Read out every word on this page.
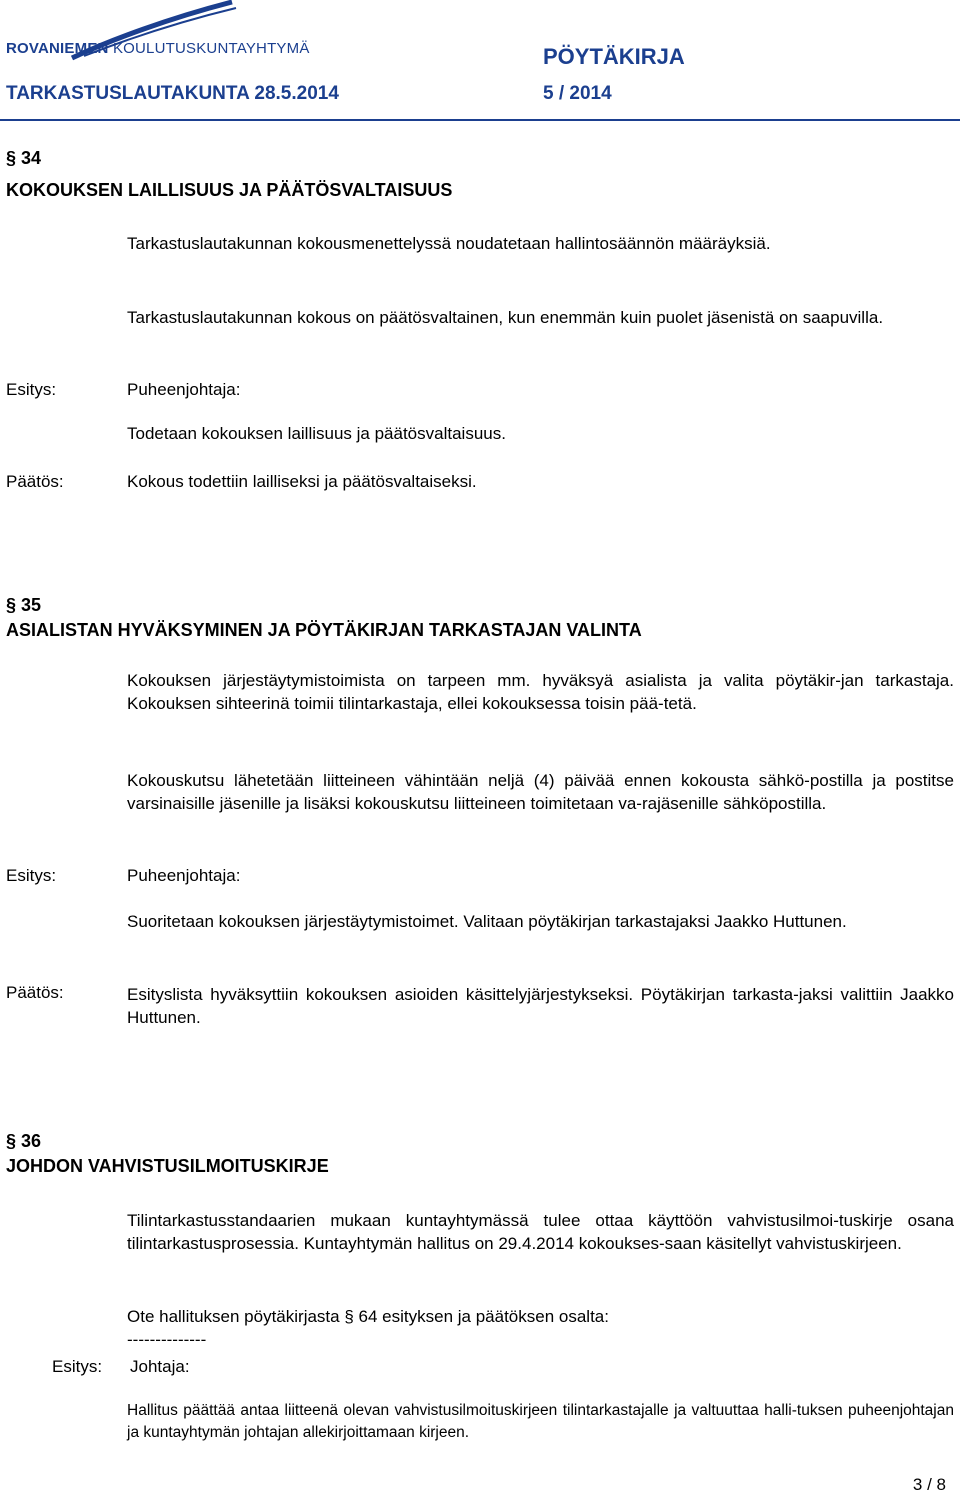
ROVANIEMEN KOULUTUSKUNTAYHTYMÄ	PÖYTÄKIRJA
TARKASTUSLAUTAKUNTA 28.5.2014	5 / 2014
§ 34
KOKOUKSEN LAILLISUUS JA PÄÄTÖSVALTAISUUS
Tarkastuslautakunnan kokousmenettelyssä noudatetaan hallintosäännön määräyksiä.
Tarkastuslautakunnan kokous on päätösvaltainen, kun enemmän kuin puolet jäsenistä on saapuvilla.
Esitys:	Puheenjohtaja:
Todetaan kokouksen laillisuus ja päätösvaltaisuus.
Päätös:	Kokous todettiin lailliseksi ja päätösvaltaiseksi.
§ 35
ASIALISTAN HYVÄKSYMINEN JA PÖYTÄKIRJAN TARKASTAJAN VALINTA
Kokouksen järjestäytymistoimista on tarpeen mm. hyväksyä asialista ja valita pöytäkir-jan tarkastaja. Kokouksen sihteerinä toimii tilintarkastaja, ellei kokouksessa toisin pää-tetä.
Kokouskutsu lähetetään liitteineen vähintään neljä (4) päivää ennen kokousta sähkö-postilla ja postitse varsinaisille jäsenille ja lisäksi kokouskutsu liitteineen toimitetaan va-rajäsenille sähköpostilla.
Esitys:	Puheenjohtaja:
Suoritetaan kokouksen järjestäytymistoimet. Valitaan pöytäkirjan tarkastajaksi Jaakko Huttunen.
Päätös:	Esityslista hyväksyttiin kokouksen asioiden käsittelyjärjestykseksi. Pöytäkirjan tarkasta-jaksi valittiin Jaakko Huttunen.
§ 36
JOHDON VAHVISTUSILMOITUSKIRJE
Tilintarkastusstandaarien mukaan kuntayhtymässä tulee ottaa käyttöön vahvistusilmoi-tuskirje osana tilintarkastusprosessia. Kuntayhtymän hallitus on 29.4.2014 kokoukses-saan käsitellyt vahvistuskirjeen.
Ote hallituksen pöytäkirjasta § 64 esityksen ja päätöksen osalta:
--------------
Esitys: Johtaja:
Hallitus päättää antaa liitteenä olevan vahvistusilmoituskirjeen tilintarkastajalle ja valtuuttaa halli-tuksen puheenjohtajan ja kuntayhtymän johtajan allekirjoittamaan kirjeen.
3 / 8
